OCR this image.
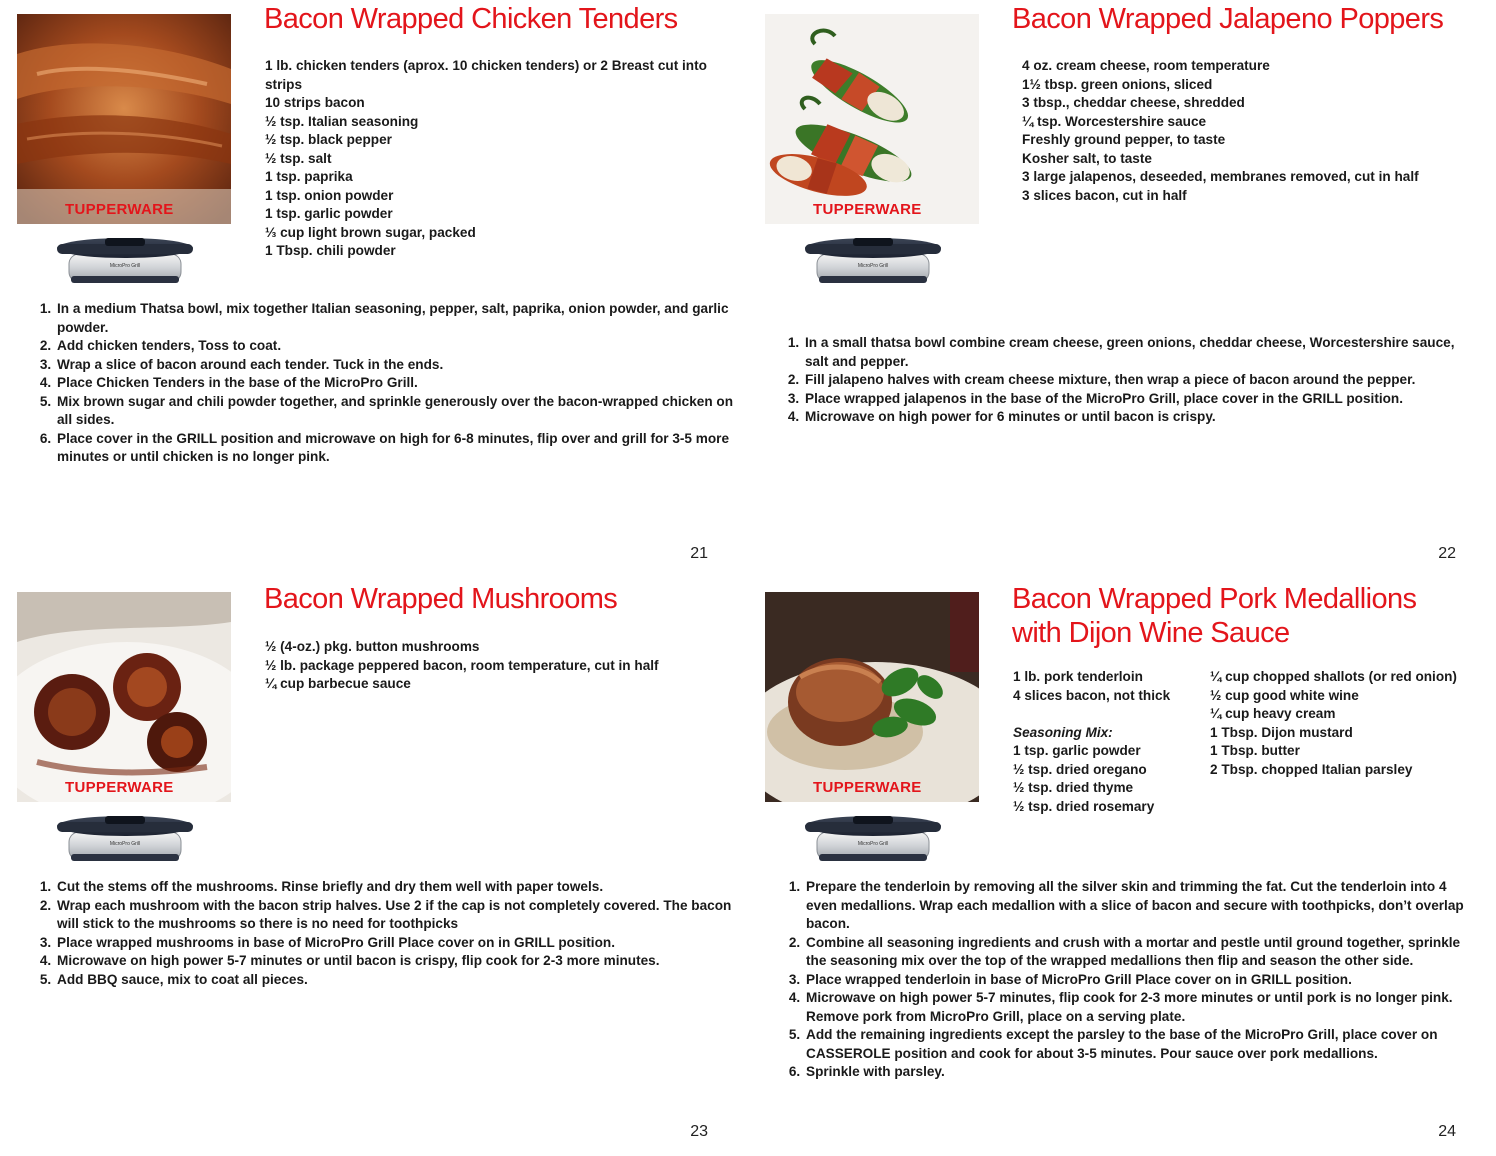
TUPPERWARE
Bacon Wrapped Chicken Tenders
1 lb. chicken tenders (aprox. 10 chicken tenders) or 2 Breast cut into
strips
10 strips bacon
½ tsp. Italian seasoning
½ tsp. black pepper
½ tsp. salt
1 tsp. paprika
1 tsp. onion powder
1 tsp. garlic powder
⅓ cup light brown sugar, packed
1 Tbsp. chili powder
1. In a medium Thatsa bowl, mix together Italian seasoning, pepper, salt, paprika, onion powder, and garlic powder.
2. Add chicken tenders, Toss to coat.
3. Wrap a slice of bacon around each tender. Tuck in the ends.
4. Place Chicken Tenders in the base of the MicroPro Grill.
5. Mix brown sugar and chili powder together, and sprinkle generously over the bacon-wrapped chicken on all sides.
6. Place cover in the GRILL position and microwave on high for 6-8 minutes, flip over and grill for 3-5 more minutes or until chicken is no longer pink.
21
TUPPERWARE
Bacon Wrapped Jalapeno Poppers
4 oz. cream cheese, room temperature
1½ tbsp. green onions, sliced
3 tbsp., cheddar cheese, shredded
¼ tsp. Worcestershire sauce
Freshly ground pepper, to taste
Kosher salt, to taste
3 large jalapenos, deseeded, membranes removed, cut in half
3 slices bacon, cut in half
1. In a small thatsa bowl combine cream cheese, green onions, cheddar cheese, Worcestershire sauce, salt and pepper.
2. Fill jalapeno halves with cream cheese mixture, then wrap a piece of bacon around the pepper.
3. Place wrapped jalapenos in the base of the MicroPro Grill, place cover in the GRILL position.
4. Microwave on high power for 6 minutes or until bacon is crispy.
22
TUPPERWARE
Bacon Wrapped Mushrooms
½ (4-oz.) pkg. button mushrooms
½ lb. package peppered bacon, room temperature, cut in half
¼ cup barbecue sauce
1. Cut the stems off the mushrooms. Rinse briefly and dry them well with paper towels.
2. Wrap each mushroom with the bacon strip halves. Use 2 if the cap is not completely covered. The bacon will stick to the mushrooms so there is no need for toothpicks
3. Place wrapped mushrooms in base of MicroPro Grill Place cover on in GRILL position.
4. Microwave on high power 5-7 minutes or until bacon is crispy, flip cook for 2-3 more minutes.
5. Add BBQ sauce, mix to coat all pieces.
23
TUPPERWARE
Bacon Wrapped Pork Medallions
with Dijon Wine Sauce
1 lb. pork tenderloin
4 slices bacon, not thick
Seasoning Mix:
1 tsp. garlic powder
½ tsp. dried oregano
½ tsp. dried thyme
½ tsp. dried rosemary
¼ cup chopped shallots (or red onion)
½ cup good white wine
¼ cup heavy cream
1 Tbsp. Dijon mustard
1 Tbsp. butter
2 Tbsp. chopped Italian parsley
1. Prepare the tenderloin by removing all the silver skin and trimming the fat. Cut the tenderloin into 4 even medallions. Wrap each medallion with a slice of bacon and secure with toothpicks, don’t overlap bacon.
2. Combine all seasoning ingredients and crush with a mortar and pestle until ground together, sprinkle the seasoning mix over the top of the wrapped medallions then flip and season the other side.
3. Place wrapped tenderloin in base of MicroPro Grill Place cover on in GRILL position.
4. Microwave on high power 5-7 minutes, flip cook for 2-3 more minutes or until pork is no longer pink. Remove pork from MicroPro Grill, place on a serving plate.
5. Add the remaining ingredients except the parsley to the base of the MicroPro Grill, place cover on CASSEROLE position and cook for about 3-5 minutes. Pour sauce over pork medallions.
6. Sprinkle with parsley.
24
